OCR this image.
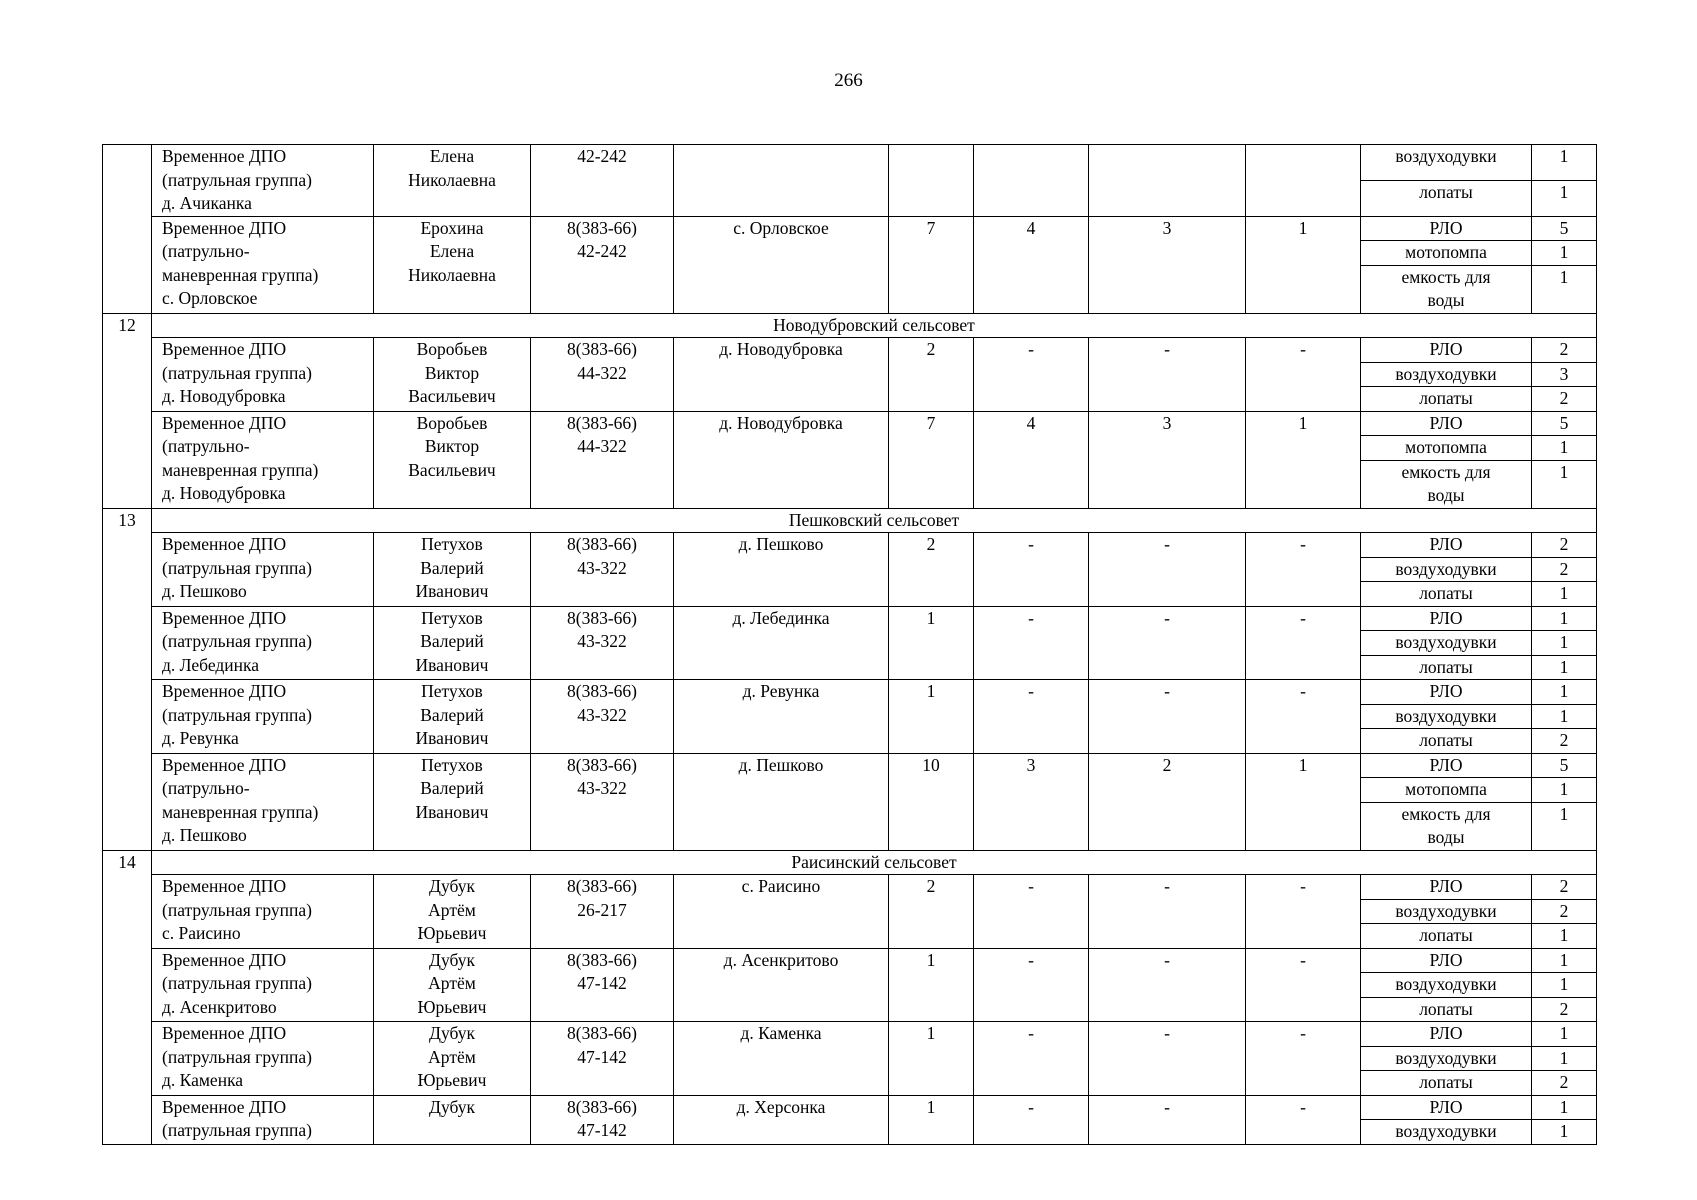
266

	Временное ДПО
(патрульная группа)
д. Ачиканка	Елена
Николаевна	42-242						воздуходувки	1

									лопаты	1

	Временное ДПО
(патрульно-
маневренная группа)
с. Орловское	Ерохина
Елена
Николаевна	8(383-66)
42-242	с. Орловское	7	4	3	1	РЛО	5

									мотопомпа	1

									емкость для
воды	1
12	Новодубровский сельсовет									

	Временное ДПО
(патрульная группа)
д. Новодубровка	Воробьев
Виктор
Васильевич	8(383-66)
44-322	д. Новодубровка	2	-	-	-	РЛО	2

									воздуходувки	3

									лопаты	2

	Временное ДПО
(патрульно-
маневренная группа)
д. Новодубровка	Воробьев
Виктор
Васильевич	8(383-66)
44-322	д. Новодубровка	7	4	3	1	РЛО	5

									мотопомпа	1

									емкость для
воды	1
13	Пешковский сельсовет									

	Временное ДПО
(патрульная группа)
д. Пешково	Петухов
Валерий
Иванович	8(383-66)
43-322	д. Пешково	2	-	-	-	РЛО	2

									воздуходувки	2

									лопаты	1

	Временное ДПО
(патрульная группа)
д. Лебединка	Петухов
Валерий
Иванович	8(383-66)
43-322	д. Лебединка	1	-	-	-	РЛО	1

									воздуходувки	1

									лопаты	1

	Временное ДПО
(патрульная группа)
д. Ревунка	Петухов
Валерий
Иванович	8(383-66)
43-322	д. Ревунка	1	-	-	-	РЛО	1

									воздуходувки	1

									лопаты	2

	Временное ДПО
(патрульно-
маневренная группа)
д. Пешково	Петухов
Валерий
Иванович	8(383-66)
43-322	д. Пешково	10	3	2	1	РЛО	5

									мотопомпа	1

									емкость для
воды	1
14	Раисинский сельсовет									

	Временное ДПО
(патрульная группа)
с. Раисино	Дубук
Артём
Юрьевич	8(383-66)
26-217	с. Раисино	2	-	-	-	РЛО	2

									воздуходувки	2

									лопаты	1

	Временное ДПО
(патрульная группа)
д. Асенкритово	Дубук
Артём
Юрьевич	8(383-66)
47-142	д. Асенкритово	1	-	-	-	РЛО	1

									воздуходувки	1

									лопаты	2

	Временное ДПО
(патрульная группа)
д. Каменка	Дубук
Артём
Юрьевич	8(383-66)
47-142	д. Каменка	1	-	-	-	РЛО	1

									воздуходувки	1

									лопаты	2

	Временное ДПО
(патрульная группа)	Дубук	8(383-66)
47-142	д. Херсонка	1	-	-	-	РЛО	1

									воздуходувки	1
